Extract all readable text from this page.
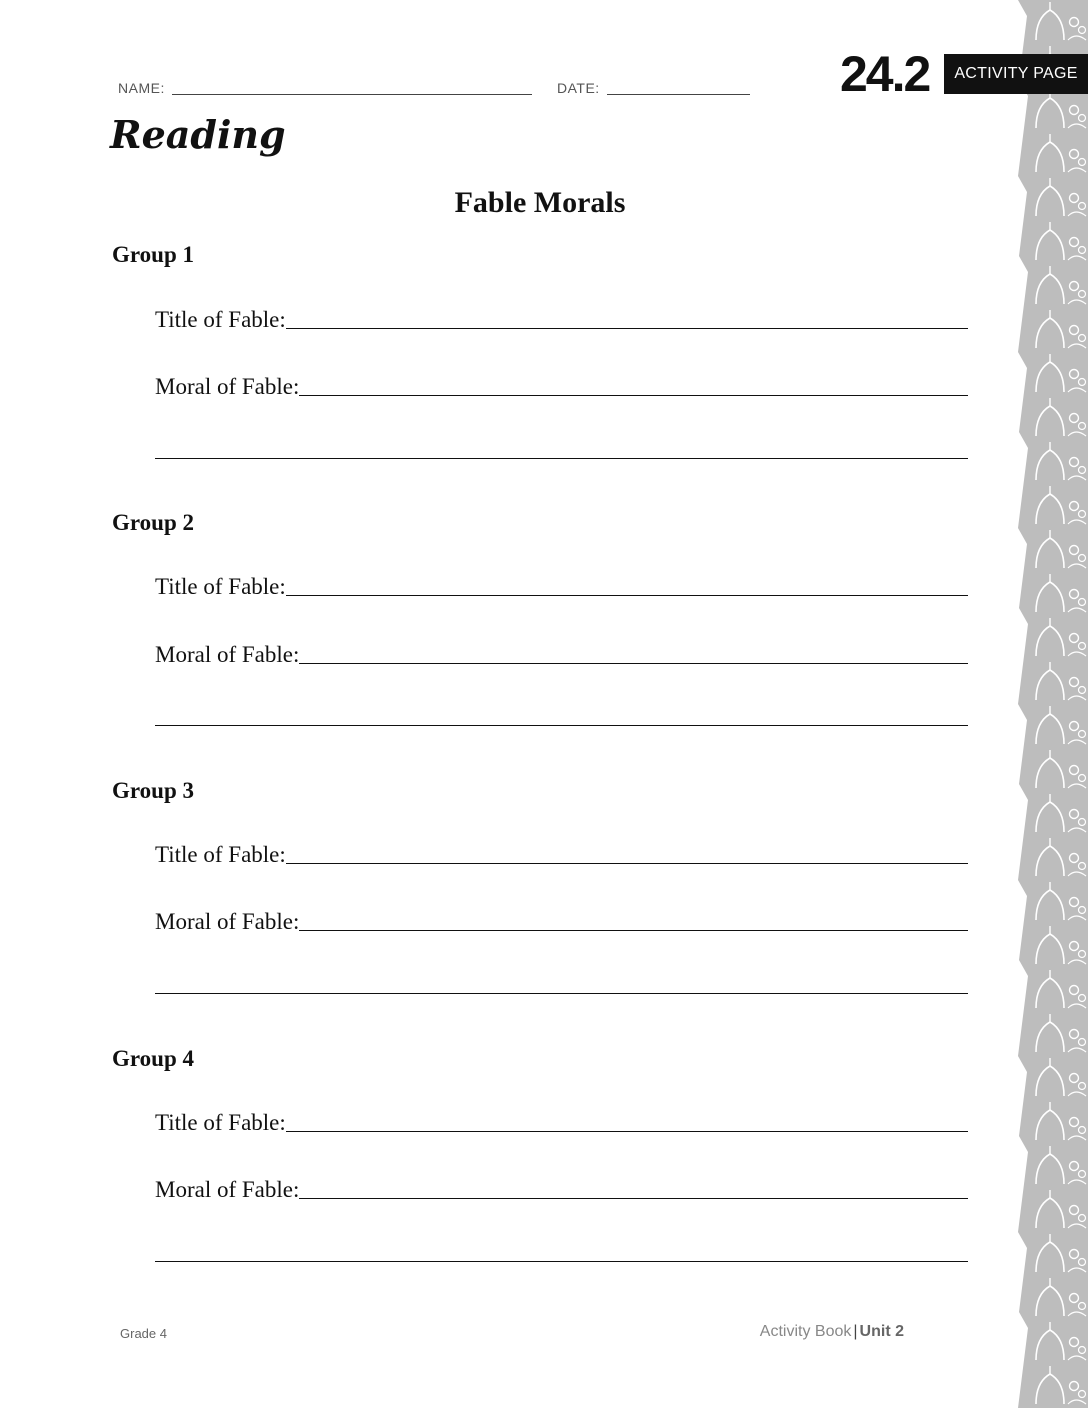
NAME:	DATE:	24.2	ACTIVITY PAGE
Reading
Fable Morals
Group 1
Title of Fable:
Moral of Fable:
Group 2
Title of Fable:
Moral of Fable:
Group 3
Title of Fable:
Moral of Fable:
Group 4
Title of Fable:
Moral of Fable:
Grade 4	Activity Book | Unit 2
